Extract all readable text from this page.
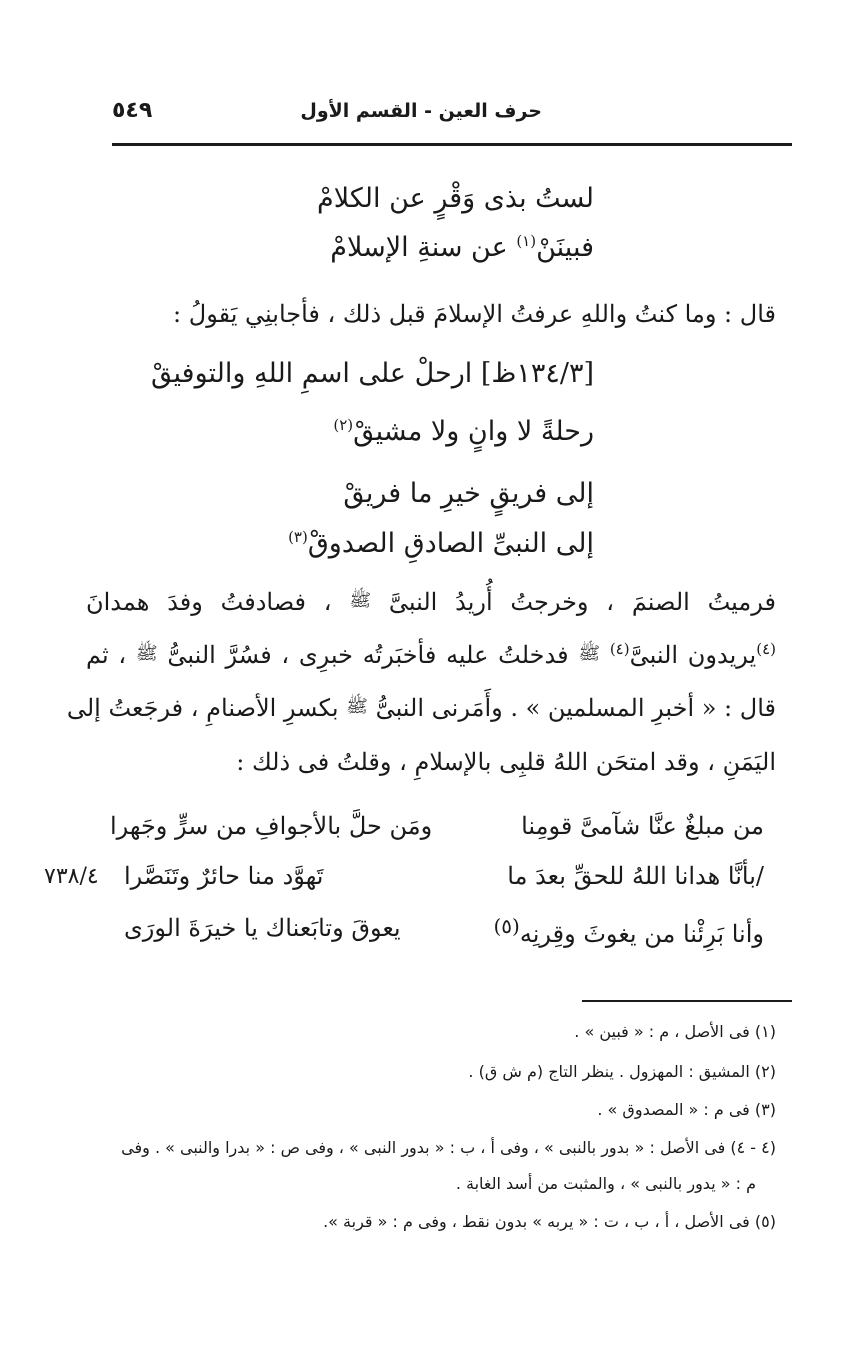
حرف العين - القسم الأول
٥٤٩
لستُ بذى وَقْرٍ عن الكلامْ
فبينَنْ$^{(١)}$ عن سنةِ الإسلامْ
قال : وما كنتُ واللهِ عرفتُ الإسلامَ قبل ذلك ، فأجابنِي يَقولُ :
[١٣٤/٣ظ] ارحلْ على اسمِ اللهِ والتوفيقْ
رحلةً لا وانٍ ولا مشيقْ$^{(٢)}$
إلى فريقٍ خيرِ ما فريقْ
إلى النبىِّ الصادقِ الصدوقْ$^{(٣)}$
فرميتُ الصنمَ ، وخرجتُ أُريدُ النبىَّ ﷺ ، فصادفتُ وفدَ همدانَ
$^{(٤)}$يريدون النبىَّ$^{(٤)}$ ﷺ فدخلتُ عليه فأخبَرتُه خبرِى ، فسُرَّ النبىُّ ﷺ ، ثم
قال : « أخبرِ المسلمين » . وأَمَرنى النبىُّ ﷺ بكسرِ الأصنامِ ، فرجَعتُ إلى
اليَمَنِ ، وقد امتحَن اللهُ قلبِى بالإسلامِ ، وقلتُ فى ذلك :
من مبلغٌ عنَّا شآمىَّ قومِنا
ومَن حلَّ بالأجوافِ من سرٍّ وجَهرا
/بأنَّا هدانا اللهُ للحقِّ بعدَ ما
تَهوَّد منا حائرٌ وتَنَصَّرا
٧٣٨/٤
وأنا بَرِئْنا من يغوثَ وقِرنِه$^{(٥)}$
يعوقَ وتابَعناك يا خيرَةَ الورَى
(١) فى الأصل ، م : « فبين » .
(٢) المشيق : المهزول . ينظر التاج (م ش ق) .
(٣) فى م : « المصدوق » .
(٤ - ٤) فى الأصل : « بدور بالنبى » ، وفى أ ، ب : « بدور النبى » ، وفى ص : « بدرا والنبى » . وفى
م : « يدور بالنبى » ، والمثبت من أسد الغابة .
(٥) فى الأصل ، أ ، ب ، ت : « يربه » بدون نقط ، وفى م : « قربة ».
